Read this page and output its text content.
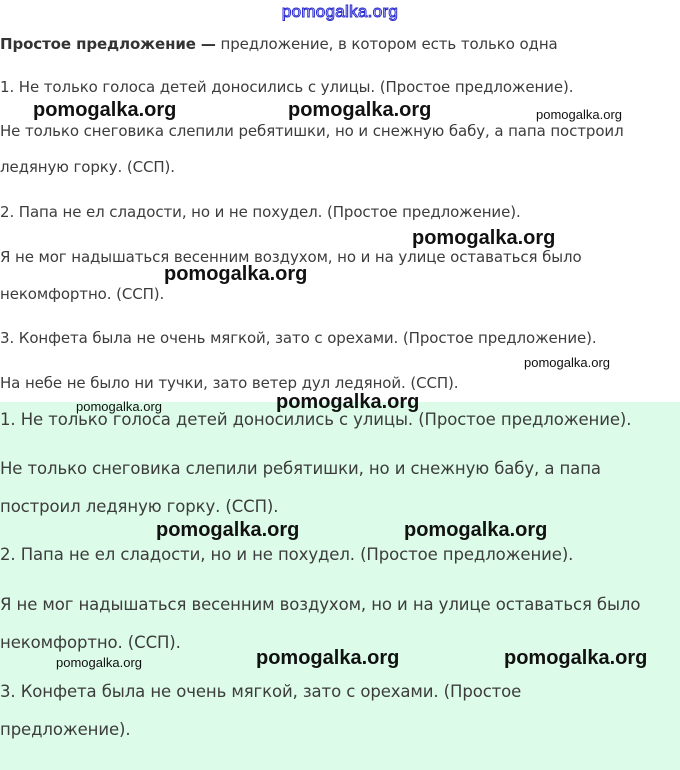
pomogalka.org
Простое предложение — предложение, в котором есть только одна
1. Не только голоса детей доносились с улицы. (Простое предложение).
Не только снеговика слепили ребятишки, но и снежную бабу, а папа построил
ледяную горку. (ССП).
2. Папа не ел сладости, но и не похудел. (Простое предложение).
Я не мог надышаться весенним воздухом, но и на улице оставаться было
некомфортно. (ССП).
3. Конфета была не очень мягкой, зато с орехами. (Простое предложение).
На небе не было ни тучки, зато ветер дул ледяной. (ССП).
1. Не только голоса детей доносились с улицы. (Простое предложение).
Не только снеговика слепили ребятишки, но и снежную бабу, а папа
построил ледяную горку. (ССП).
2. Папа не ел сладости, но и не похудел. (Простое предложение).
Я не мог надышаться весенним воздухом, но и на улице оставаться было
некомфортно. (ССП).
3. Конфета была не очень мягкой, зато с орехами. (Простое
предложение).
pomogalka.org	pomogalka.org	pomogalka.org
pomogalka.org
pomogalka.org
pomogalka.org
pomogalka.org
pomogalka.org
pomogalka.org	pomogalka.org
pomogalka.org	pomogalka.org
pomogalka.org
